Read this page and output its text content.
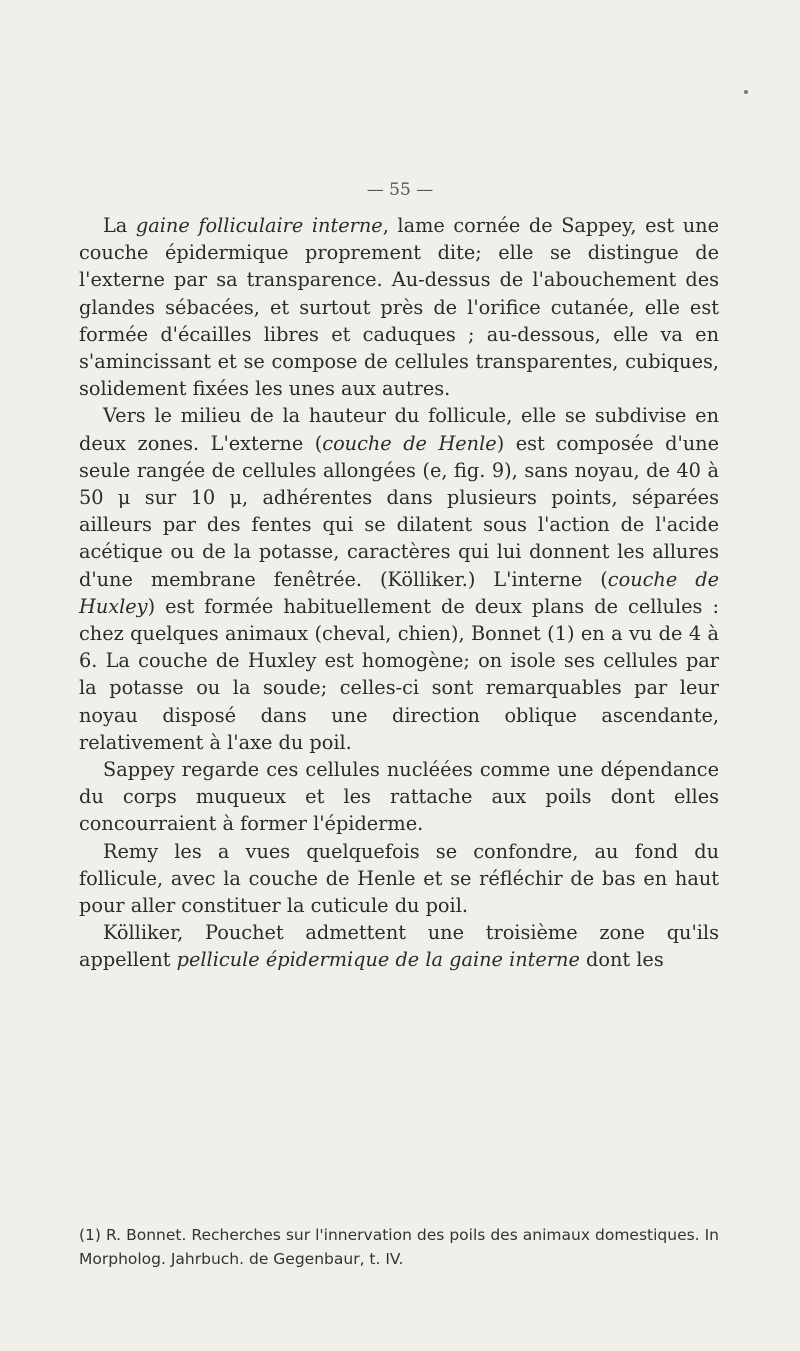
— 55 —

La gaine folliculaire interne, lame cornée de Sappey, est une couche épidermique proprement dite; elle se distingue de l'externe par sa transparence. Au-dessus de l'abouchement des glandes sébacées, et surtout près de l'orifice cutanée, elle est formée d'écailles libres et caduques ; au-dessous, elle va en s'amincissant et se compose de cellules transparentes, cubiques, solidement fixées les unes aux autres.

Vers le milieu de la hauteur du follicule, elle se subdivise en deux zones. L'externe (couche de Henle) est composée d'une seule rangée de cellules allongées (e, fig. 9), sans noyau, de 40 à 50 μ sur 10 μ, adhérentes dans plusieurs points, séparées ailleurs par des fentes qui se dilatent sous l'action de l'acide acétique ou de la potasse, caractères qui lui donnent les allures d'une membrane fenêtrée. (Kölliker.) L'interne (couche de Huxley) est formée habituellement de deux plans de cellules : chez quelques animaux (cheval, chien), Bonnet (1) en a vu de 4 à 6. La couche de Huxley est homogène; on isole ses cellules par la potasse ou la soude; celles-ci sont remarquables par leur noyau disposé dans une direction oblique ascendante, relativement à l'axe du poil.

Sappey regarde ces cellules nucléées comme une dépendance du corps muqueux et les rattache aux poils dont elles concourraient à former l'épiderme.

Remy les a vues quelquefois se confondre, au fond du follicule, avec la couche de Henle et se réfléchir de bas en haut pour aller constituer la cuticule du poil.

Kölliker, Pouchet admettent une troisième zone qu'ils appellent pellicule épidermique de la gaine interne dont les

(1) R. Bonnet. Recherches sur l'innervation des poils des animaux domestiques. In Morpholog. Jahrbuch. de Gegenbaur, t. IV.
